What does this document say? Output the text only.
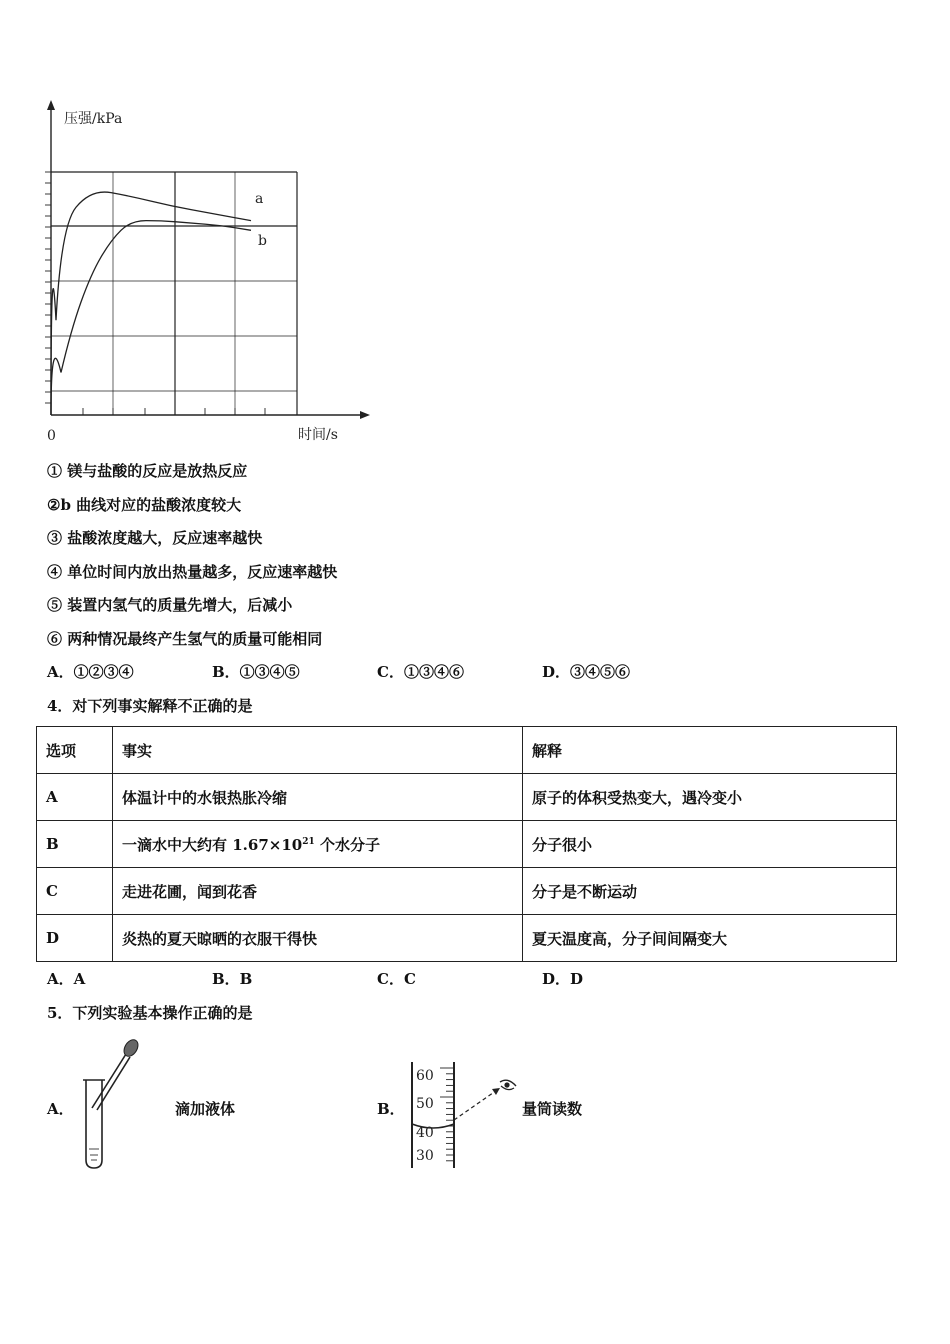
压强/kPa
时间/s
0
a
b
① 镁与盐酸的反应是放热反应
②b 曲线对应的盐酸浓度较大
③ 盐酸浓度越大，反应速率越快
④ 单位时间内放出热量越多，反应速率越快
⑤ 装置内氢气的质量先增大，后减小
⑥ 两种情况最终产生氢气的质量可能相同
A．①②③④	B．①③④⑤	C．①③④⑥	D．③④⑤⑥
4．对下列事实解释不正确的是
选项	事实	解释
A	体温计中的水银热胀冷缩	原子的体积受热变大，遇冷变小
B	一滴水中大约有 $1.67\times 10^{21}$ 个水分子	分子很小
C	走进花圃，闻到花香	分子是不断运动
D	炎热的夏天晾晒的衣服干得快	夏天温度高，分子间间隔变大
A．A	B．B	C．C	D．D
5．下列实验基本操作正确的是
A．	滴加液体	B．
60
50
40
30
量筒读数
